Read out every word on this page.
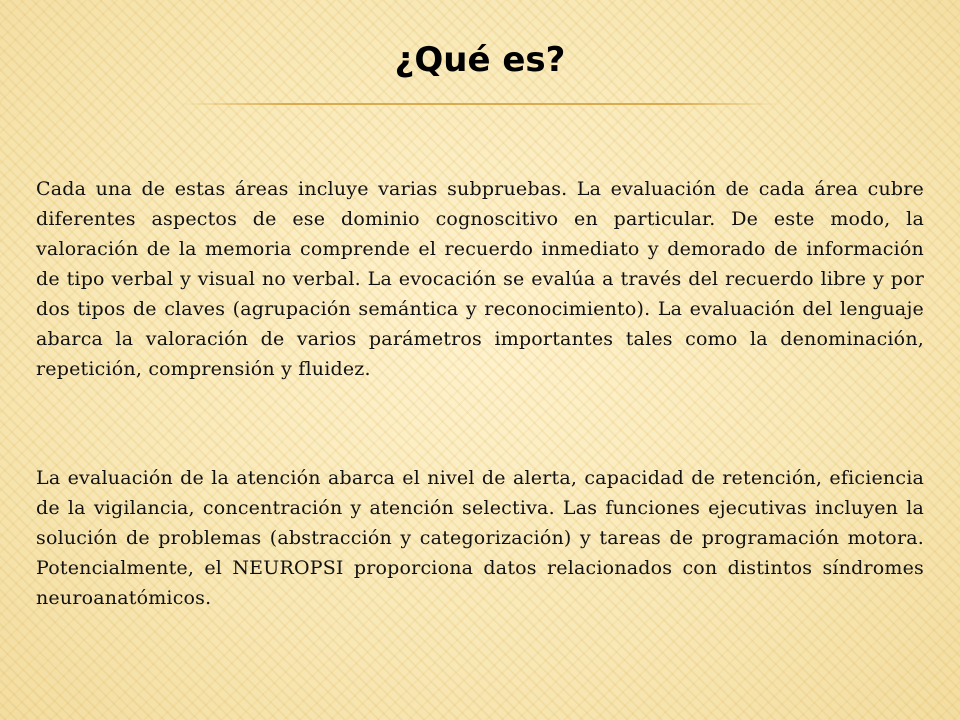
¿Qué es?

Cada una de estas áreas incluye varias subpruebas. La evaluación de cada área cubre diferentes aspectos de ese dominio cognoscitivo en particular. De este modo, la valoración de la memoria comprende el recuerdo inmediato y demorado de información de tipo verbal y visual no verbal. La evocación se evalúa a través del recuerdo libre y por dos tipos de claves (agrupación semántica y reconocimiento). La evaluación del lenguaje abarca la valoración de varios parámetros importantes tales como la denominación, repetición, comprensión y fluidez.

La evaluación de la atención abarca el nivel de alerta, capacidad de retención, eficiencia de la vigilancia, concentración y atención selectiva. Las funciones ejecutivas incluyen la solución de problemas (abstracción y categorización) y tareas de programación motora. Potencialmente, el NEUROPSI proporciona datos relacionados con distintos síndromes neuroanatómicos.
